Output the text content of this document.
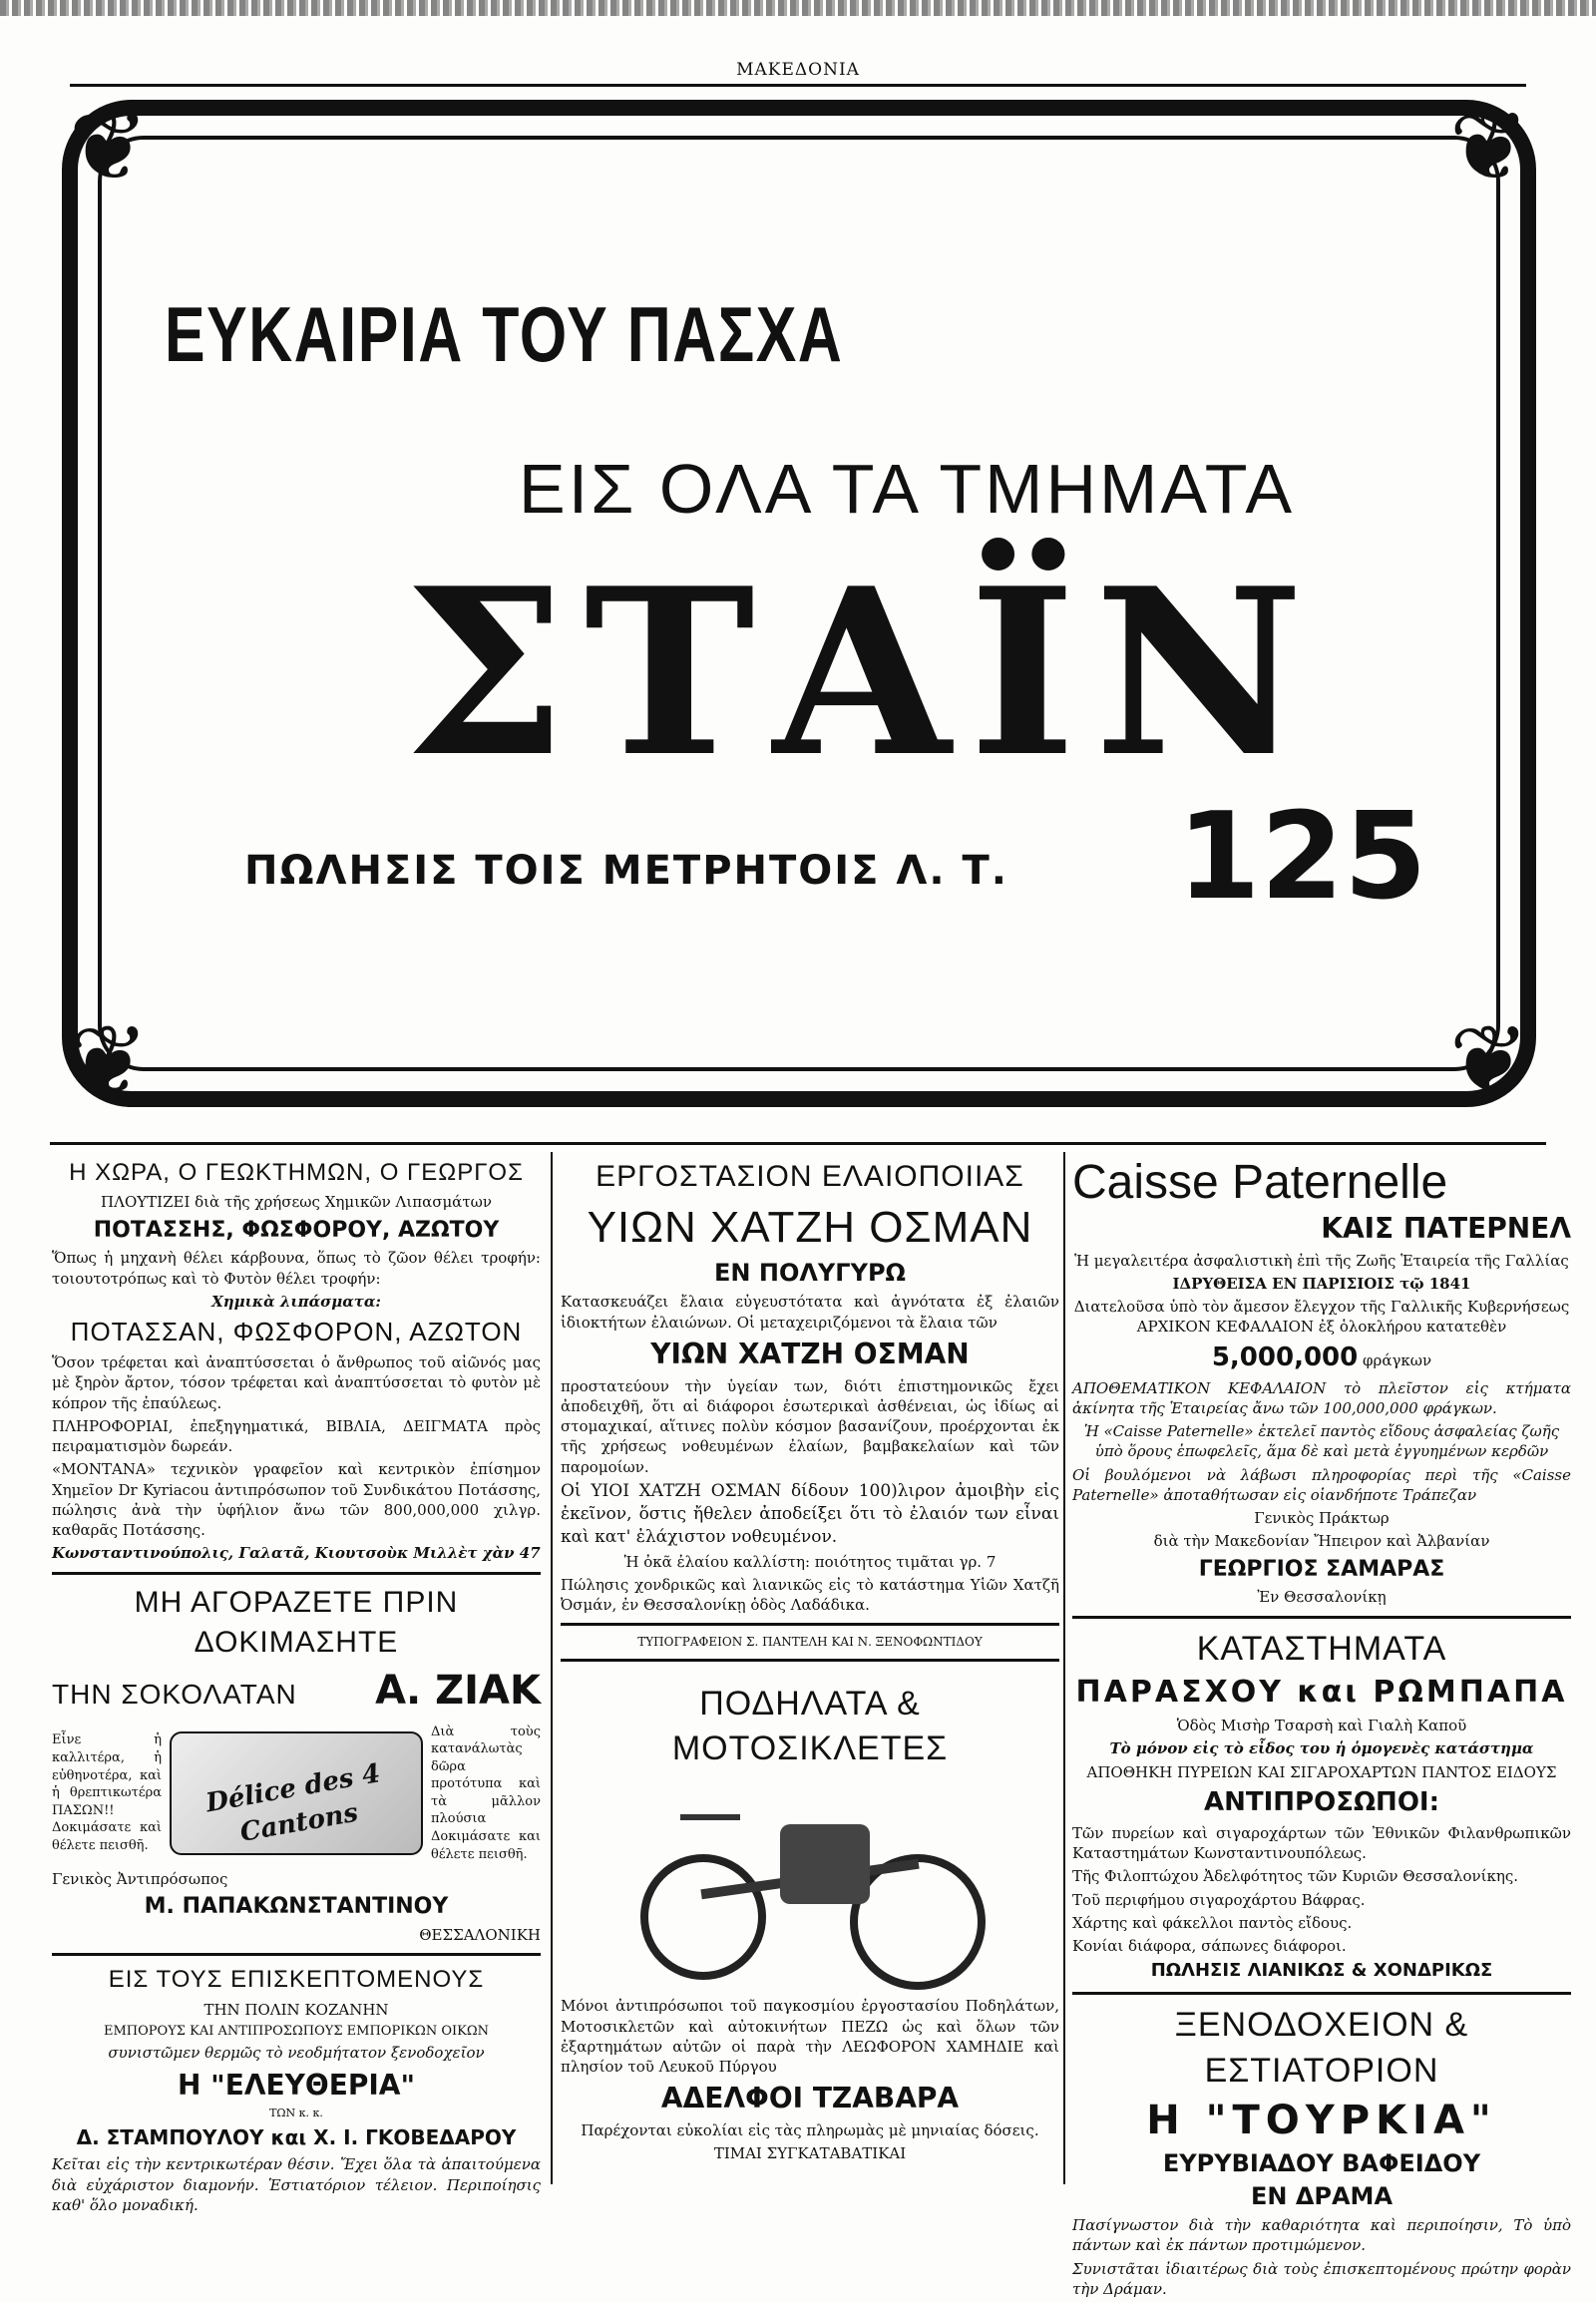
ΜΑΚΕΔΟΝΙΑ
❦	❦
❦	❦
ΕΥΚΑΙΡΙΑ ΤΟΥ ΠΑΣΧΑ
ΕΙΣ ΟΛΑ ΤΑ ΤΜΗΜΑΤΑ
ΣΤΑΪΝ
ΠΩΛΗΣΙΣ ΤΟΙΣ ΜΕΤΡΗΤΟΙΣ Λ. Τ. 125
Η ΧΩΡΑ, Ο ΓΕΩΚΤΗΜΩΝ, Ο ΓΕΩΡΓΟΣ

ΠΛΟΥΤΙΖΕΙ διὰ τῆς χρήσεως Χημικῶν Λιπασμάτων

ΠΟΤΑΣΣΗΣ, ΦΩΣΦΟΡΟΥ, ΑΖΩΤΟΥ

Ὅπως ἡ μηχανὴ θέλει κάρβουνα, ὅπως τὸ ζῶον θέλει τροφήν: τοιουτοτρόπως καὶ τὸ Φυτὸν θέλει τροφήν:

Χημικὰ λιπάσματα:

ΠΟΤΑΣΣΑΝ, ΦΩΣΦΟΡΟΝ, ΑΖΩΤΟΝ

Ὅσον τρέφεται καὶ ἀναπτύσσεται ὁ ἄνθρωπος τοῦ αἰῶνός μας μὲ ξηρὸν ἄρτον, τόσον τρέφεται καὶ ἀναπτύσσεται τὸ φυτὸν μὲ κόπρον τῆς ἐπαύλεως.

ΠΛΗΡΟΦΟΡΙΑΙ, ἐπεξηγηματικά, ΒΙΒΛΙΑ, ΔΕΙΓΜΑΤΑ πρὸς πειραματισμὸν δωρεάν.

«ΜΟΝΤΑΝΑ» τεχνικὸν γραφεῖον καὶ κεντρικὸν ἐπίσημον Χημεῖον Dr Kyriacou ἀντιπρόσωπον τοῦ Συνδικάτου Ποτάσσης, πώλησις ἀνὰ τὴν ὑφήλιον ἄνω τῶν 800,000,000 χιλγρ. καθαρᾶς Ποτάσσης.

Κωνσταντινούπολις, Γαλατᾶ, Κιουτσοὺκ Μιλλὲτ χὰν 47

ΜΗ ΑΓΟΡΑΖΕΤΕ ΠΡΙΝ ΔΟΚΙΜΑΣΗΤΕ
ΤΗΝ ΣΟΚΟΛΑΤΑΝ Α. ΖΙΑΚ
Εἶνε ἡ καλλιτέρα, ἡ εὐθηνοτέρα, καὶ ἡ θρεπτικωτέρα ΠΑΣΩΝ!! Δοκιμάσατε καὶ θέλετε πεισθῆ.
Délice des 4 Cantons
Διὰ τοὺς κατανάλωτὰς δῶρα προτότυπα καὶ τὰ μᾶλλον πλούσια Δοκιμάσατε και θέλετε πεισθῆ.

Γενικὸς Ἀντιπρόσωπος

Μ. ΠΑΠΑΚΩΝΣΤΑΝΤΙΝΟΥ

ΘΕΣΣΑΛΟΝΙΚΗ

ΕΙΣ ΤΟΥΣ ΕΠΙΣΚΕΠΤΟΜΕΝΟΥΣ

ΤΗΝ ΠΟΛΙΝ ΚΟΖΑΝΗΝ

ΕΜΠΟΡΟΥΣ ΚΑΙ ΑΝΤΙΠΡΟΣΩΠΟΥΣ ΕΜΠΟΡΙΚΩΝ ΟΙΚΩΝ

συνιστῶμεν θερμῶς τὸ νεοδμήτατον ξενοδοχεῖον

Η "ΕΛΕΥΘΕΡΙΑ"

ΤΩΝ κ. κ.

Δ. ΣΤΑΜΠΟΥΛΟΥ και Χ. Ι. ΓΚΟΒΕΔΑΡΟΥ

Κεῖται εἰς τὴν κεντρικωτέραν θέσιν. Ἔχει ὅλα τὰ ἀπαιτούμενα διὰ εὐχάριστον διαμονήν. Ἑστιατόριον τέλειον. Περιποίησις καθ' ὅλο μοναδική.

ΕΡΓΟΣΤΑΣΙΟΝ ΕΛΑΙΟΠΟΙΙΑΣ
ΥΙΩΝ ΧΑΤΖΗ ΟΣΜΑΝ
ΕΝ ΠΟΛΥΓΥΡΩ

Κατασκευάζει ἔλαια εὐγευστότατα καὶ ἀγνότατα ἐξ ἐλαιῶν ἰδιοκτήτων ἐλαιώνων. Οἱ μεταχειριζόμενοι τὰ ἔλαια τῶν

ΥΙΩΝ ΧΑΤΖΗ ΟΣΜΑΝ

προστατεύουν τὴν ὑγείαν των, διότι ἐπιστημονικῶς ἔχει ἀποδειχθῆ, ὅτι αἱ διάφοροι ἐσωτερικαὶ ἀσθένειαι, ὡς ἰδίως αἱ στομαχικαί, αἵτινες πολὺν κόσμον βασανίζουν, προέρχονται ἐκ τῆς χρήσεως νοθευμένων ἐλαίων, βαμβακελαίων καὶ τῶν παρομοίων.

Οἱ ΥΙΟΙ ΧΑΤΖΗ ΟΣΜΑΝ δίδουν 100)λιρον ἀμοιβὴν εἰς ἐκεῖνον, ὅστις ἤθελεν ἀποδείξει ὅτι τὸ ἐλαιόν των εἶναι καὶ κατ' ἐλάχιστον νοθευμένον.

Ἡ ὀκᾶ ἐλαίου καλλίστη: ποιότητος τιμᾶται γρ. 7

Πώλησις χονδρικῶς καὶ λιανικῶς εἰς τὸ κατάστημα Υἱῶν Χατζῆ Ὀσμάν, ἐν Θεσσαλονίκῃ ὁδὸς Λαδάδικα.

ΤΥΠΟΓΡΑΦΕΙΟΝ Σ. ΠΑΝΤΕΛΗ ΚΑΙ Ν. ΞΕΝΟΦΩΝΤΙΔΟΥ

ΠΟΔΗΛΑΤΑ & ΜΟΤΟΣΙΚΛΕΤΕΣ

Μόνοι ἀντιπρόσωποι τοῦ παγκοσμίου ἐργοστασίου Ποδηλάτων, Μοτοσικλετῶν καὶ αὐτοκινήτων ΠΕΖΩ ὡς καὶ ὅλων τῶν ἐξαρτημάτων αὐτῶν οἱ παρὰ τὴν ΛΕΩΦΟΡΟΝ ΧΑΜΗΔΙΕ καὶ πλησίον τοῦ Λευκοῦ Πύργου

ΑΔΕΛΦΟΙ ΤΖΑΒΑΡΑ

Παρέχονται εὐκολίαι εἰς τὰς πληρωμὰς μὲ μηνιαίας δόσεις.

ΤΙΜΑΙ ΣΥΓΚΑΤΑΒΑΤΙΚΑΙ

Caisse Paternelle
ΚΑΙΣ ΠΑΤΕΡΝΕΛ

Ἡ μεγαλειτέρα ἀσφαλιστικὴ ἐπὶ τῆς Ζωῆς Ἑταιρεία τῆς Γαλλίας

ΙΔΡΥΘΕΙΣΑ ΕΝ ΠΑΡΙΣΙΟΙΣ τῷ 1841

Διατελοῦσα ὑπὸ τὸν ἄμεσον ἔλεγχον τῆς Γαλλικῆς Κυβερνήσεως ΑΡΧΙΚΟΝ ΚΕΦΑΛΑΙΟΝ ἐξ ὁλοκλήρου κατατεθὲν

5,000,000 φράγκων

ΑΠΟΘΕΜΑΤΙΚΟΝ ΚΕΦΑΛΑΙΟΝ τὸ πλεῖστον εἰς κτήματα ἀκίνητα τῆς Ἑταιρείας ἄνω τῶν 100,000,000 φράγκων.

Ἡ «Caisse Paternelle» ἐκτελεῖ παντὸς εἴδους ἀσφαλείας ζωῆς ὑπὸ ὅρους ἐπωφελεῖς, ἅμα δὲ καὶ μετὰ ἐγγυημένων κερδῶν

Οἱ βουλόμενοι νὰ λάβωσι πληροφορίας περὶ τῆς «Caisse Paternelle» ἀποταθήτωσαν εἰς οἱανδήποτε Τράπεζαν

Γενικὸς Πράκτωρ

διὰ τὴν Μακεδονίαν Ἤπειρον καὶ Ἀλβανίαν

ΓΕΩΡΓΙΟΣ ΣΑΜΑΡΑΣ

Ἐν Θεσσαλονίκῃ

ΚΑΤΑΣΤΗΜΑΤΑ
ΠΑΡΑΣΧΟΥ και ΡΩΜΠΑΠΑ

Ὁδὸς Μισὴρ Τσαρσὴ καὶ Γιαλὴ Καποῦ

Τὸ μόνον εἰς τὸ εἶδος του ἡ ὁμογενὲς κατάστημα

ΑΠΟΘΗΚΗ ΠΥΡΕΙΩΝ ΚΑΙ ΣΙΓΑΡΟΧΑΡΤΩΝ ΠΑΝΤΟΣ ΕΙΔΟΥΣ

ΑΝΤΙΠΡΟΣΩΠΟΙ:

Τῶν πυρείων καὶ σιγαροχάρτων τῶν Ἐθνικῶν Φιλανθρωπικῶν Καταστημάτων Κωνσταντινουπόλεως.

Τῆς Φιλοπτώχου Ἀδελφότητος τῶν Κυριῶν Θεσσαλονίκης.

Τοῦ περιφήμου σιγαροχάρτου Βάφρας.

Χάρτης καὶ φάκελλοι παντὸς εἴδους.

Κονίαι διάφορα, σάπωνες διάφοροι.

ΠΩΛΗΣΙΣ ΛΙΑΝΙΚΩΣ & ΧΟΝΔΡΙΚΩΣ
ΞΕΝΟΔΟΧΕΙΟΝ & ΕΣΤΙΑΤΟΡΙΟΝ
Η "ΤΟΥΡΚΙΑ"
ΕΥΡΥΒΙΑΔΟΥ ΒΑΦΕΙΔΟΥ
ΕΝ ΔΡΑΜΑ

Πασίγνωστον διὰ τὴν καθαριότητα καὶ περιποίησιν, Τὸ ὑπὸ πάντων καὶ ἐκ πάντων προτιμώμενον.

Συνιστᾶται ἰδιαιτέρως διὰ τοὺς ἐπισκεπτομένους πρώτην φορὰν τὴν Δράμαν.
